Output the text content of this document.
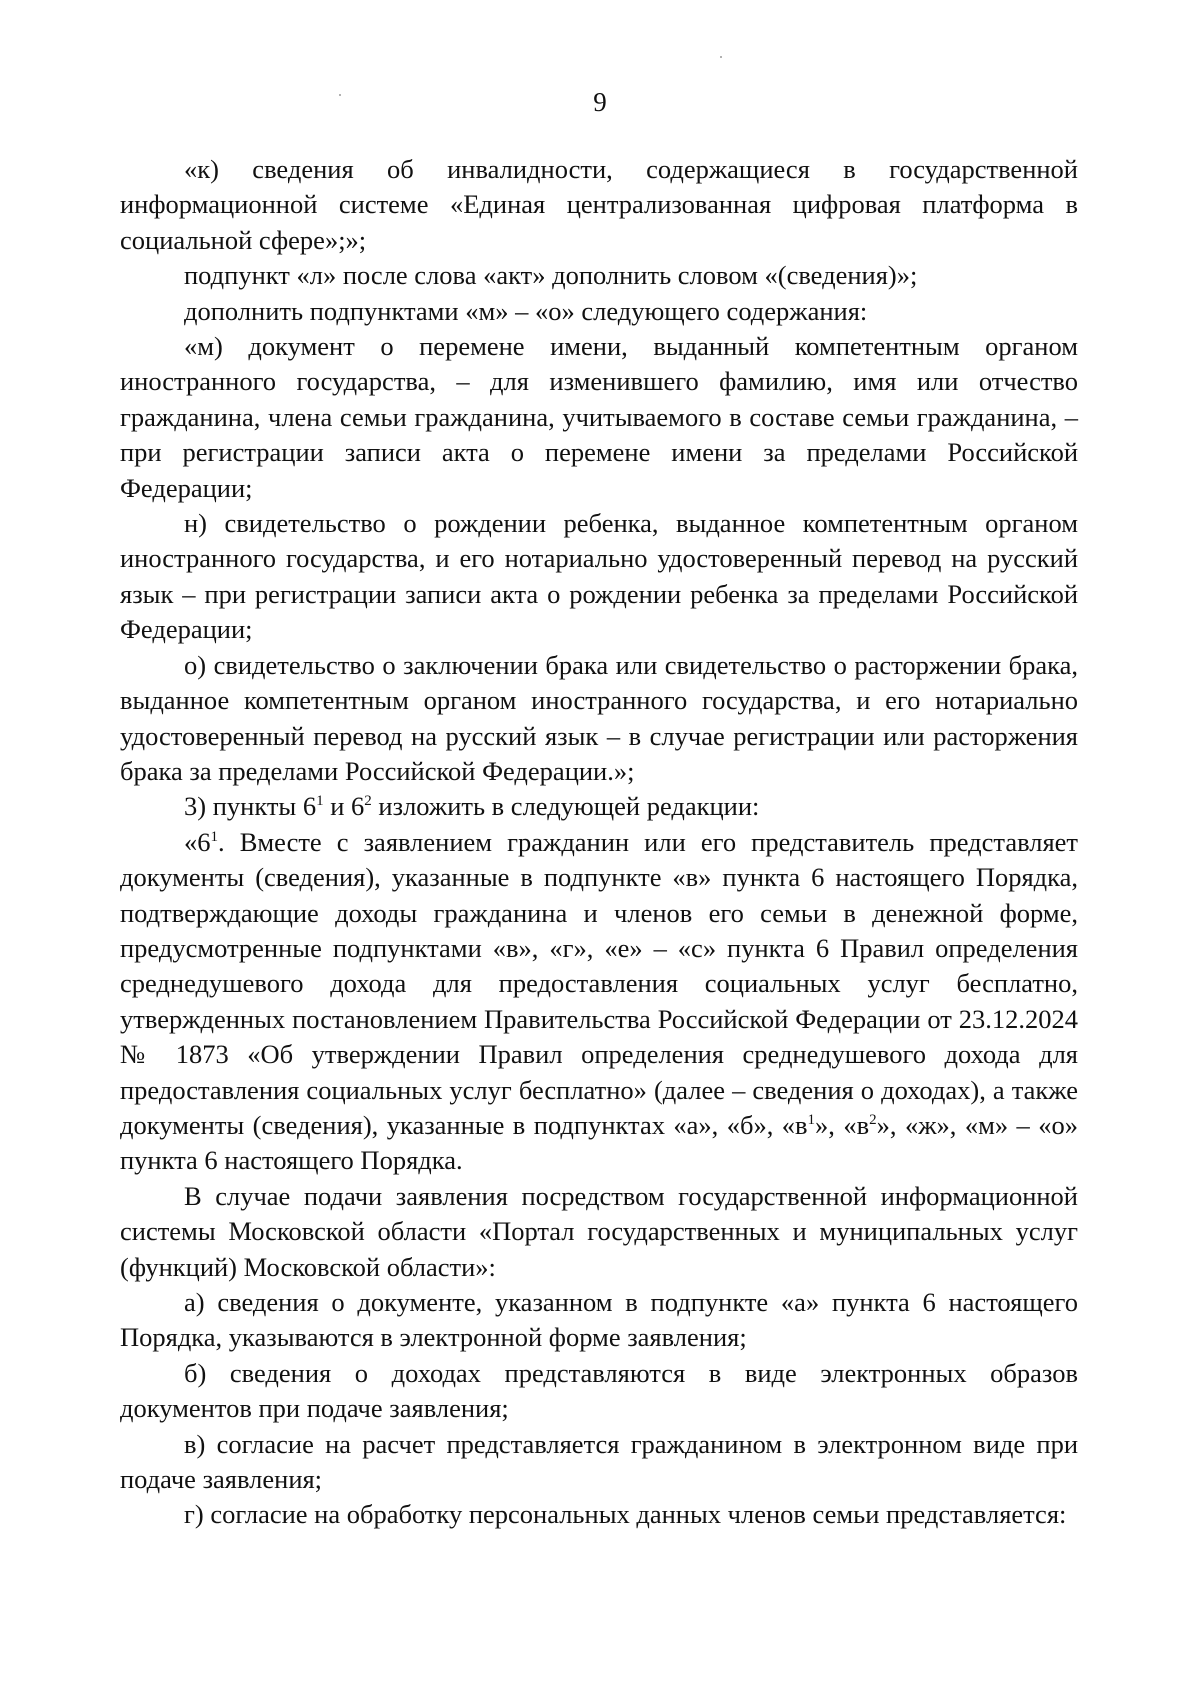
9

«к) сведения об инвалидности, содержащиеся в государственной информационной системе «Единая централизованная цифровая платформа в социальной сфере»;»;

подпункт «л» после слова «акт» дополнить словом «(сведения)»;

дополнить подпунктами «м» – «о» следующего содержания:

«м) документ о перемене имени, выданный компетентным органом иностранного государства, – для изменившего фамилию, имя или отчество гражданина, члена семьи гражданина, учитываемого в составе семьи гражданина, – при регистрации записи акта о перемене имени за пределами Российской Федерации;

н) свидетельство о рождении ребенка, выданное компетентным органом иностранного государства, и его нотариально удостоверенный перевод на русский язык – при регистрации записи акта о рождении ребенка за пределами Российской Федерации;

о) свидетельство о заключении брака или свидетельство о расторжении брака, выданное компетентным органом иностранного государства, и его нотариально удостоверенный перевод на русский язык – в случае регистрации или расторжения брака за пределами Российской Федерации.»;

3) пункты $6^1$ и $6^2$ изложить в следующей редакции:

«$6^1$. Вместе с заявлением гражданин или его представитель представляет документы (сведения), указанные в подпункте «в» пункта 6 настоящего Порядка, подтверждающие доходы гражданина и членов его семьи в денежной форме, предусмотренные подпунктами «в», «г», «е» – «с» пункта 6 Правил определения среднедушевого дохода для предоставления социальных услуг бесплатно, утвержденных постановлением Правительства Российской Федерации от 23.12.2024 № 1873 «Об утверждении Правил определения среднедушевого дохода для предоставления социальных услуг бесплатно» (далее – сведения о доходах), а также документы (сведения), указанные в подпунктах «а», «б», «$в^1$», «$в^2$», «ж», «м» – «о» пункта 6 настоящего Порядка.

В случае подачи заявления посредством государственной информационной системы Московской области «Портал государственных и муниципальных услуг (функций) Московской области»:

а) сведения о документе, указанном в подпункте «а» пункта 6 настоящего Порядка, указываются в электронной форме заявления;

б) сведения о доходах представляются в виде электронных образов документов при подаче заявления;

в) согласие на расчет представляется гражданином в электронном виде при подаче заявления;

г) согласие на обработку персональных данных членов семьи представляется:
